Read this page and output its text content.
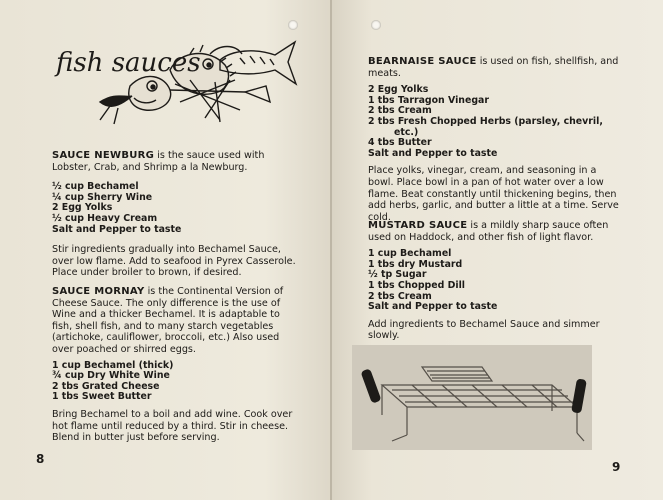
fish sauces

SAUCE NEWBURG is the sauce used with Lobster, Crab, and Shrimp a la Newburg.

½ cup Bechamel
¼ cup Sherry Wine
2 Egg Yolks
½ cup Heavy Cream
Salt and Pepper to taste

Stir ingredients gradually into Bechamel Sauce, over low flame. Add to seafood in Pyrex Casserole. Place under broiler to brown, if desired.

SAUCE MORNAY is the Continental Version of Cheese Sauce. The only difference is the use of Wine and a thicker Bechamel. It is adaptable to fish, shell fish, and to many starch vegetables (artichoke, cauliflower, broccoli, etc.) Also used over poached or shirred eggs.

1 cup Bechamel (thick)
¾ cup Dry White Wine
2 tbs Grated Cheese
1 tbs Sweet Butter

Bring Bechamel to a boil and add wine. Cook over hot flame until reduced by a third. Stir in cheese. Blend in butter just before serving.

8

BEARNAISE SAUCE is used on fish, shellfish, and meats.

2 Egg Yolks
1 tbs Tarragon Vinegar
2 tbs Cream
2 tbs Fresh Chopped Herbs (parsley, chevril,
etc.)
4 tbs Butter
Salt and Pepper to taste

Place yolks, vinegar, cream, and seasoning in a bowl. Place bowl in a pan of hot water over a low flame. Beat constantly until thickening begins, then add herbs, garlic, and butter a little at a time. Serve cold.

MUSTARD SAUCE is a mildly sharp sauce often used on Haddock, and other fish of light flavor.

1 cup Bechamel
1 tbs dry Mustard
½ tp Sugar
1 tbs Chopped Dill
2 tbs Cream
Salt and Pepper to taste

Add ingredients to Bechamel Sauce and simmer slowly.

9
